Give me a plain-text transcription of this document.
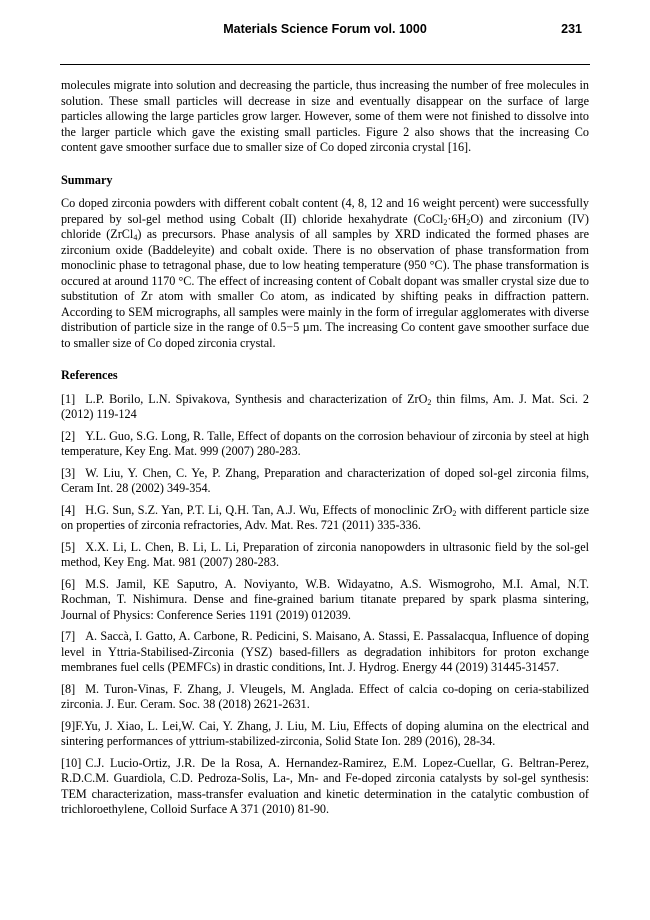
Materials Science Forum vol. 1000	231

molecules migrate into solution and decreasing the particle, thus increasing the number of free molecules in solution. These small particles will decrease in size and eventually disappear on the surface of large particles allowing the large particles grow larger. However, some of them were not finished to dissolve into the larger particle which gave the existing small particles. Figure 2 also shows that the increasing Co content gave smoother surface due to smaller size of Co doped zirconia crystal [16].

Summary

Co doped zirconia powders with different cobalt content (4, 8, 12 and 16 weight percent) were successfully prepared by sol-gel method using Cobalt (II) chloride hexahydrate $(CoCl_2\cdot 6H_2O)$ and zirconium (IV) chloride (ZrCl$_4$) as precursors. Phase analysis of all samples by XRD indicated the formed phases are zirconium oxide (Baddeleyite) and cobalt oxide. There is no observation of phase transformation from monoclinic phase to tetragonal phase, due to low heating temperature (950 °C). The phase transformation is occured at around 1170 °C. The effect of increasing content of Cobalt dopant was smaller crystal size due to substitution of Zr atom with smaller Co atom, as indicated by shifting peaks in diffraction pattern. According to SEM micrographs, all samples were mainly in the form of irregular agglomerates with diverse distribution of particle size in the range of 0.5−5 µm. The increasing Co content gave smoother surface due to smaller size of Co doped zirconia crystal.

References

[1] L.P. Borilo, L.N. Spivakova, Synthesis and characterization of ZrO$_2$ thin films, Am. J. Mat. Sci. 2 (2012) 119-124

[2] Y.L. Guo, S.G. Long, R. Talle, Effect of dopants on the corrosion behaviour of zirconia by steel at high temperature, Key Eng. Mat. 999 (2007) 280-283.

[3] W. Liu, Y. Chen, C. Ye, P. Zhang, Preparation and characterization of doped sol-gel zirconia films, Ceram Int. 28 (2002) 349-354.

[4] H.G. Sun, S.Z. Yan, P.T. Li, Q.H. Tan, A.J. Wu, Effects of monoclinic ZrO$_2$ with different particle size on properties of zirconia refractories, Adv. Mat. Res. 721 (2011) 335-336.

[5] X.X. Li, L. Chen, B. Li, L. Li, Preparation of zirconia nanopowders in ultrasonic field by the sol-gel method, Key Eng. Mat. 981 (2007) 280-283.

[6] M.S. Jamil, KE Saputro, A. Noviyanto, W.B. Widayatno, A.S. Wismogroho, M.I. Amal, N.T. Rochman, T. Nishimura. Dense and fine-grained barium titanate prepared by spark plasma sintering, Journal of Physics: Conference Series 1191 (2019) 012039.

[7] A. Saccà, I. Gatto, A. Carbone, R. Pedicini, S. Maisano, A. Stassi, E. Passalacqua, Influence of doping level in Yttria-Stabilised-Zirconia (YSZ) based-fillers as degradation inhibitors for proton exchange membranes fuel cells (PEMFCs) in drastic conditions, Int. J. Hydrog. Energy 44 (2019) 31445-31457.

[8] M. Turon-Vinas, F. Zhang, J. Vleugels, M. Anglada. Effect of calcia co-doping on ceria-stabilized zirconia. J. Eur. Ceram. Soc. 38 (2018) 2621-2631.

[9]F.Yu, J. Xiao, L. Lei,W. Cai, Y. Zhang, J. Liu, M. Liu, Effects of doping alumina on the electrical and sintering performances of yttrium-stabilized-zirconia, Solid State Ion. 289 (2016), 28-34.

[10] C.J. Lucio-Ortiz, J.R. De la Rosa, A. Hernandez-Ramirez, E.M. Lopez-Cuellar, G. Beltran-Perez, R.D.C.M. Guardiola, C.D. Pedroza-Solis, La-, Mn- and Fe-doped zirconia catalysts by sol-gel synthesis: TEM characterization, mass-transfer evaluation and kinetic determination in the catalytic combustion of trichloroethylene, Colloid Surface A 371 (2010) 81-90.
